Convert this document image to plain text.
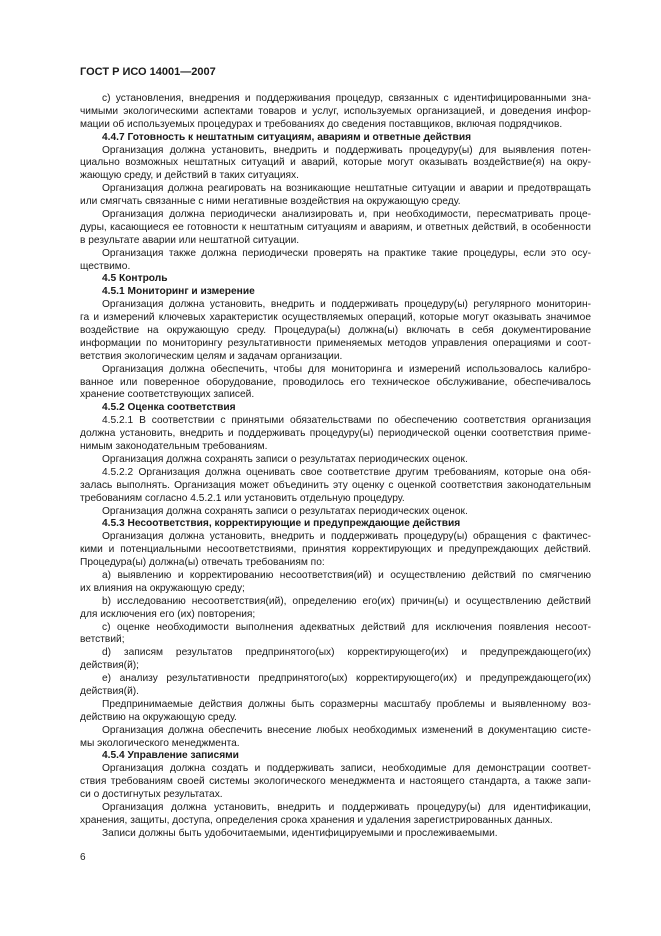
ГОСТ Р ИСО 14001—2007
c) установления, внедрения и поддерживания процедур, связанных с идентифицированными зна-
чимыми экологическими аспектами товаров и услуг, используемых организацией, и доведения инфор-
мации об используемых процедурах и требованиях до сведения поставщиков, включая подрядчиков.
4.4.7 Готовность к нештатным ситуациям, авариям и ответные действия
Организация должна установить, внедрить и поддерживать процедуру(ы) для выявления потен-
циально возможных нештатных ситуаций и аварий, которые могут оказывать воздействие(я) на окру-
жающую среду, и действий в таких ситуациях.
Организация должна реагировать на возникающие нештатные ситуации и аварии и предотвращать
или смягчать связанные с ними негативные воздействия на окружающую среду.
Организация должна периодически анализировать и, при необходимости, пересматривать проце-
дуры, касающиеся ее готовности к нештатным ситуациям и авариям, и ответных действий, в особенности
в результате аварии или нештатной ситуации.
Организация также должна периодически проверять на практике такие процедуры, если это осу-
ществимо.
4.5 Контроль
4.5.1 Мониторинг и измерение
Организация должна установить, внедрить и поддерживать процедуру(ы) регулярного мониторин-
га и измерений ключевых характеристик осуществляемых операций, которые могут оказывать значимое
воздействие на окружающую среду. Процедура(ы) должна(ы) включать в себя документирование
информации по мониторингу результативности применяемых методов управления операциями и соот-
ветствия экологическим целям и задачам организации.
Организация должна обеспечить, чтобы для мониторинга и измерений использовалось калибро-
ванное или поверенное оборудование, проводилось его техническое обслуживание, обеспечивалось
хранение соответствующих записей.
4.5.2 Оценка соответствия
4.5.2.1 В соответствии с принятыми обязательствами по обеспечению соответствия организация
должна установить, внедрить и поддерживать процедуру(ы) периодической оценки соответствия приме-
нимым законодательным требованиям.
Организация должна сохранять записи о результатах периодических оценок.
4.5.2.2 Организация должна оценивать свое соответствие другим требованиям, которые она обя-
залась выполнять. Организация может объединить эту оценку с оценкой соответствия законодательным
требованиям согласно 4.5.2.1 или установить отдельную процедуру.
Организация должна сохранять записи о результатах периодических оценок.
4.5.3 Несоответствия, корректирующие и предупреждающие действия
Организация должна установить, внедрить и поддерживать процедуру(ы) обращения с фактичес-
кими и потенциальными несоответствиями, принятия корректирующих и предупреждающих действий.
Процедура(ы) должна(ы) отвечать требованиям по:
a) выявлению и корректированию несоответствия(ий) и осуществлению действий по смягчению
их влияния на окружающую среду;
b) исследованию несоответствия(ий), определению его(их) причин(ы) и осуществлению действий
для исключения его (их) повторения;
c) оценке необходимости выполнения адекватных действий для исключения появления несоот-
ветствий;
d) записям результатов предпринятого(ых) корректирующего(их) и предупреждающего(их)
действия(й);
e) анализу результативности предпринятого(ых) корректирующего(их) и предупреждающего(их)
действия(й).
Предпринимаемые действия должны быть соразмерны масштабу проблемы и выявленному воз-
действию на окружающую среду.
Организация должна обеспечить внесение любых необходимых изменений в документацию систе-
мы экологического менеджмента.
4.5.4 Управление записями
Организация должна создать и поддерживать записи, необходимые для демонстрации соответ-
ствия требованиям своей системы экологического менеджмента и настоящего стандарта, а также запи-
си о достигнутых результатах.
Организация должна установить, внедрить и поддерживать процедуру(ы) для идентификации,
хранения, защиты, доступа, определения срока хранения и удаления зарегистрированных данных.
Записи должны быть удобочитаемыми, идентифицируемыми и прослеживаемыми.
6
